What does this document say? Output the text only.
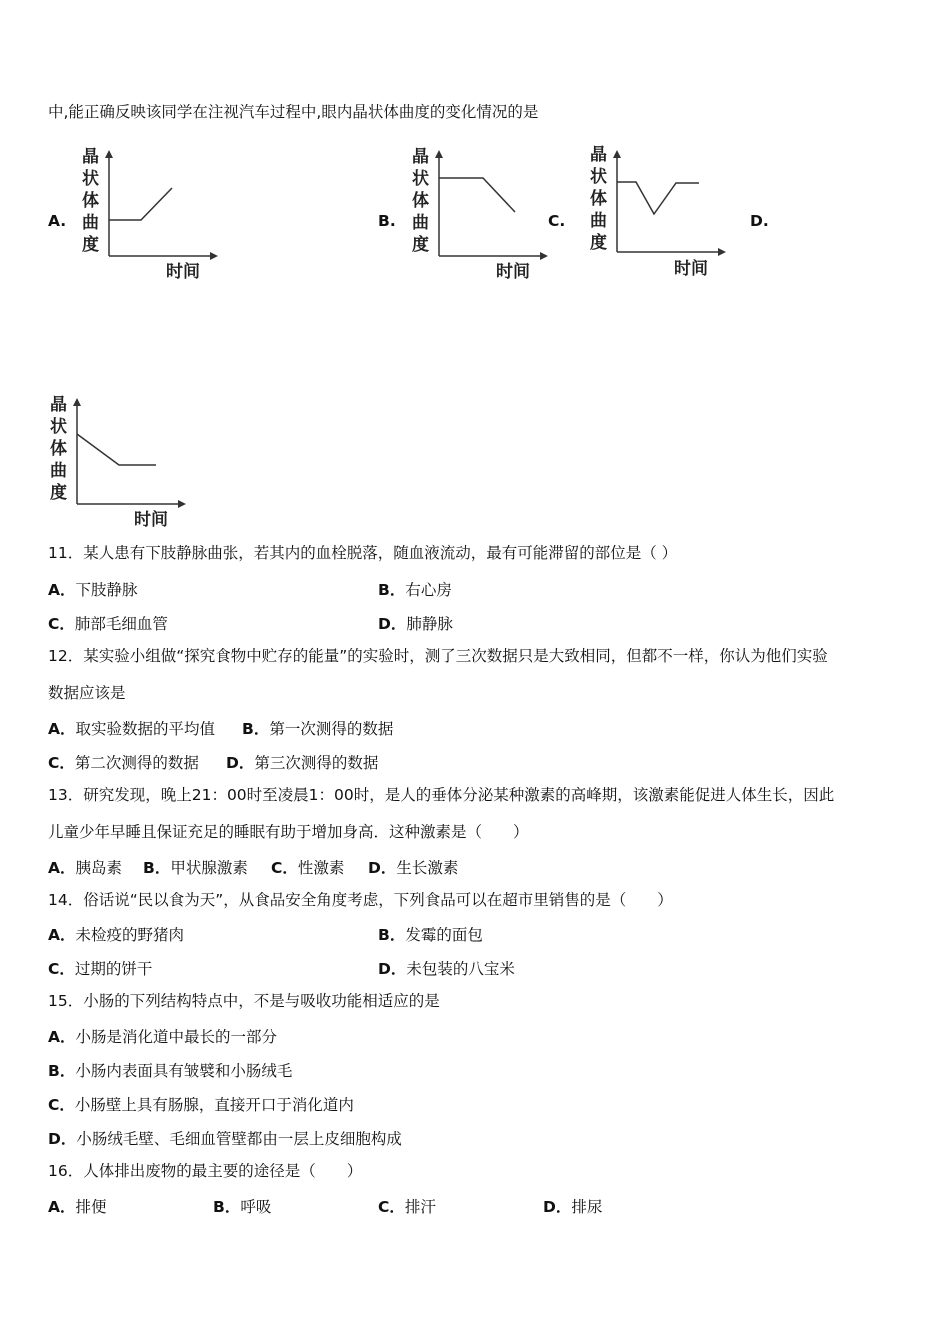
中,能正确反映该同学在注视汽车过程中,眼内晶状体曲度的变化情况的是
A.	B.	C.	D.
晶
状
体
曲
度
时间
晶
状
体
曲
度
时间
晶
状
体
曲
度
时间
晶
状
体
曲
度
时间
11．某人患有下肢静脉曲张，若其内的血栓脱落，随血液流动，最有可能滞留的部位是（ ）
A．下肢静脉	B．右心房
C．肺部毛细血管	D．肺静脉
12．某实验小组做“探究食物中贮存的能量”的实验时，测了三次数据只是大致相同，但都不一样，你认为他们实验
数据应该是
A．取实验数据的平均值 B．第一次测得的数据
C．第二次测得的数据 D．第三次测得的数据
13．研究发现，晚上21：00时至凌晨1：00时，是人的垂体分泌某种激素的高峰期，该激素能促进人体生长，因此
儿童少年早睡且保证充足的睡眠有助于增加身高．这种激素是（　　）
A．胰岛素 B．甲状腺激素 C．性激素 D．生长激素
14．俗话说“民以食为天”，从食品安全角度考虑，下列食品可以在超市里销售的是（　　）
A．未检疫的野猪肉	B．发霉的面包
C．过期的饼干	D．未包装的八宝米
15．小肠的下列结构特点中，不是与吸收功能相适应的是
A．小肠是消化道中最长的一部分
B．小肠内表面具有皱襞和小肠绒毛
C．小肠壁上具有肠腺，直接开口于消化道内
D．小肠绒毛壁、毛细血管壁都由一层上皮细胞构成
16．人体排出废物的最主要的途径是（　　）
A．排便	B．呼吸	C．排汗	D．排尿
